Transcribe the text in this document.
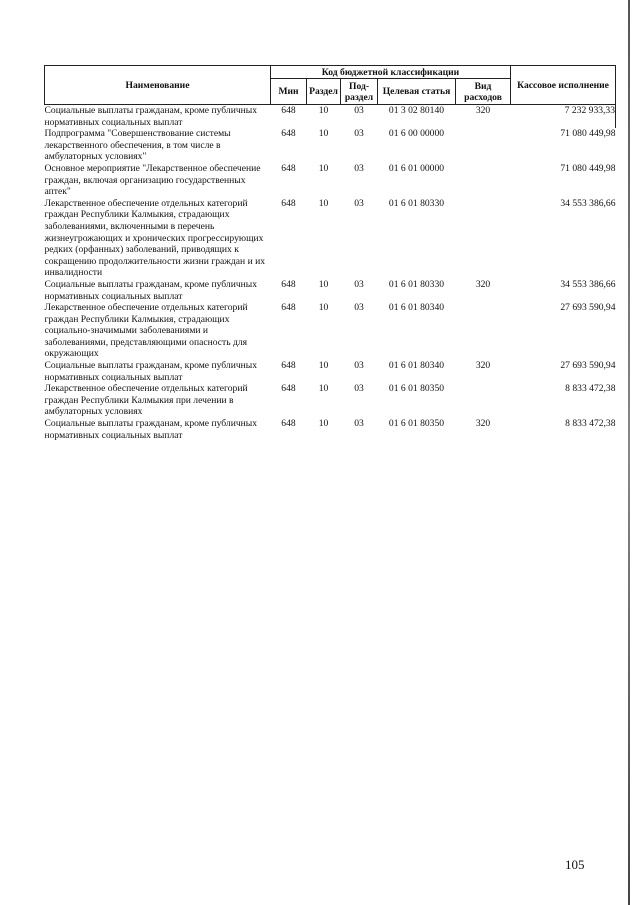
Наименование	Код бюджетной классификации					Кассовое исполнение
	Мин	Раздел	Под-раздел	Целевая статья	Вид расходов	
Социальные выплаты гражданам, кроме публичных нормативных социальных выплат	648	10	03	01 3 02 80140	320	7 232 933,33
Подпрограмма "Совершенствование системы лекарственного обеспечения, в том числе в амбулаторных условиях"	648	10	03	01 6 00 00000		71 080 449,98
Основное мероприятие "Лекарственное обеспечение граждан, включая организацию государственных аптек"	648	10	03	01 6 01 00000		71 080 449,98
Лекарственное обеспечение отдельных категорий граждан Республики Калмыкия, страдающих заболеваниями, включенными в перечень жизнеугрожающих и хронических прогрессирующих редких (орфанных) заболеваний, приводящих к сокращению продолжительности жизни граждан и их инвалидности	648	10	03	01 6 01 80330		34 553 386,66
Социальные выплаты гражданам, кроме публичных нормативных социальных выплат	648	10	03	01 6 01 80330	320	34 553 386,66
Лекарственное обеспечение отдельных категорий граждан Республики Калмыкия, страдающих социально-значимыми заболеваниями и заболеваниями, представляющими опасность для окружающих	648	10	03	01 6 01 80340		27 693 590,94
Социальные выплаты гражданам, кроме публичных нормативных социальных выплат	648	10	03	01 6 01 80340	320	27 693 590,94
Лекарственное обеспечение отдельных категорий граждан Республики Калмыкия при лечении в амбулаторных условиях	648	10	03	01 6 01 80350		8 833 472,38
Социальные выплаты гражданам, кроме публичных нормативных социальных выплат	648	10	03	01 6 01 80350	320	8 833 472,38
105
